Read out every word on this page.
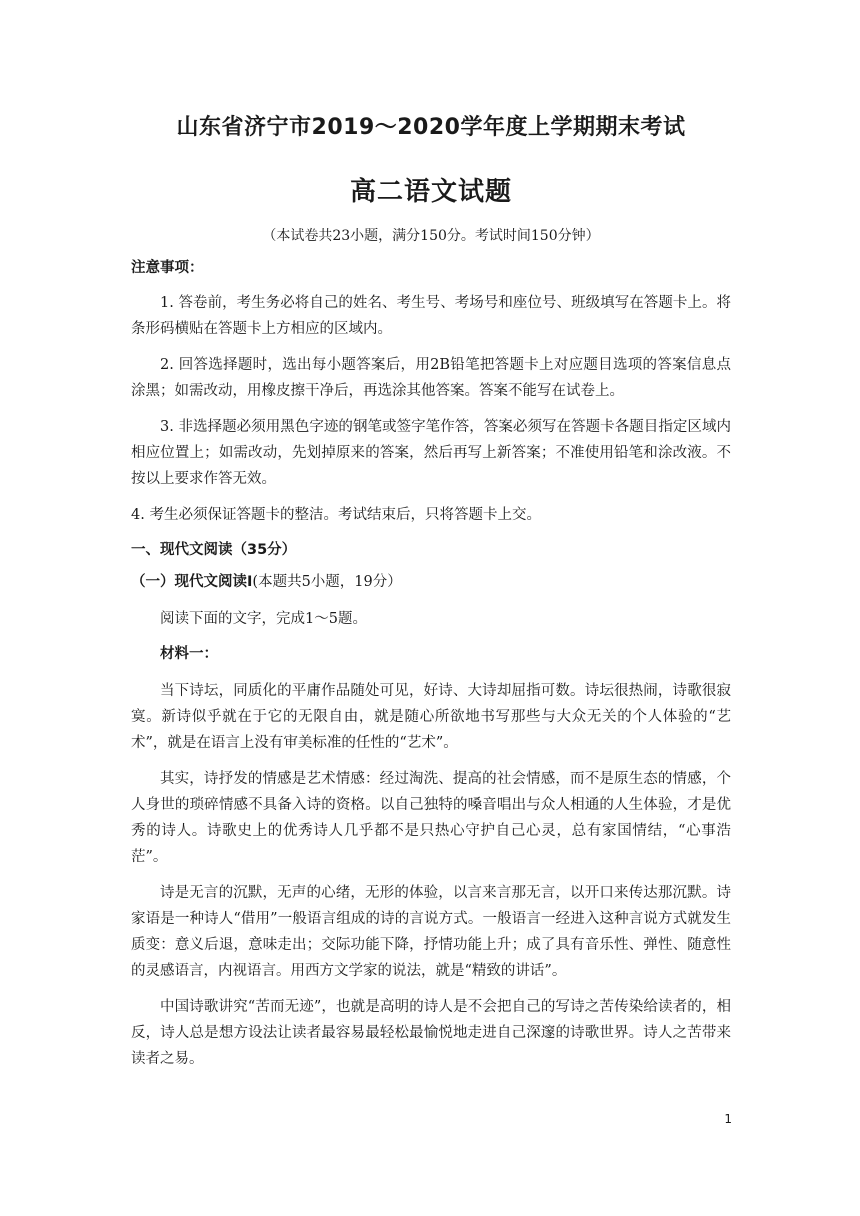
山东省济宁市2019～2020学年度上学期期末考试
高二语文试题
（本试卷共23小题，满分150分。考试时间150分钟）
注意事项：

1. 答卷前，考生务必将自己的姓名、考生号、考场号和座位号、班级填写在答题卡上。将条形码横贴在答题卡上方相应的区域内。

2. 回答选择题时，选出每小题答案后，用2B铅笔把答题卡上对应题目选项的答案信息点涂黑；如需改动，用橡皮擦干净后，再选涂其他答案。答案不能写在试卷上。

3. 非选择题必须用黑色字迹的钢笔或签字笔作答，答案必须写在答题卡各题目指定区域内相应位置上；如需改动，先划掉原来的答案，然后再写上新答案；不准使用铅笔和涂改液。不按以上要求作答无效。

4. 考生必须保证答题卡的整洁。考试结束后，只将答题卡上交。

一、现代文阅读（35分）
（一）现代文阅读Ⅰ(本题共5小题，19分）

阅读下面的文字，完成1～5题。

材料一：

当下诗坛，同质化的平庸作品随处可见，好诗、大诗却屈指可数。诗坛很热闹，诗歌很寂寞。新诗似乎就在于它的无限自由，就是随心所欲地书写那些与大众无关的个人体验的“艺术”，就是在语言上没有审美标准的任性的“艺术”。

其实，诗抒发的情感是艺术情感：经过淘洗、提高的社会情感，而不是原生态的情感，个人身世的琐碎情感不具备入诗的资格。以自己独特的嗓音唱出与众人相通的人生体验，才是优秀的诗人。诗歌史上的优秀诗人几乎都不是只热心守护自己心灵，总有家国情结，“心事浩茫”。

诗是无言的沉默，无声的心绪，无形的体验，以言来言那无言，以开口来传达那沉默。诗家语是一种诗人“借用”一般语言组成的诗的言说方式。一般语言一经进入这种言说方式就发生质变：意义后退，意味走出；交际功能下降，抒情功能上升；成了具有音乐性、弹性、随意性的灵感语言，内视语言。用西方文学家的说法，就是“精致的讲话”。

中国诗歌讲究“苦而无迹”，也就是高明的诗人是不会把自己的写诗之苦传染给读者的，相反，诗人总是想方设法让读者最容易最轻松最愉悦地走进自己深邃的诗歌世界。诗人之苦带来读者之易。

1
